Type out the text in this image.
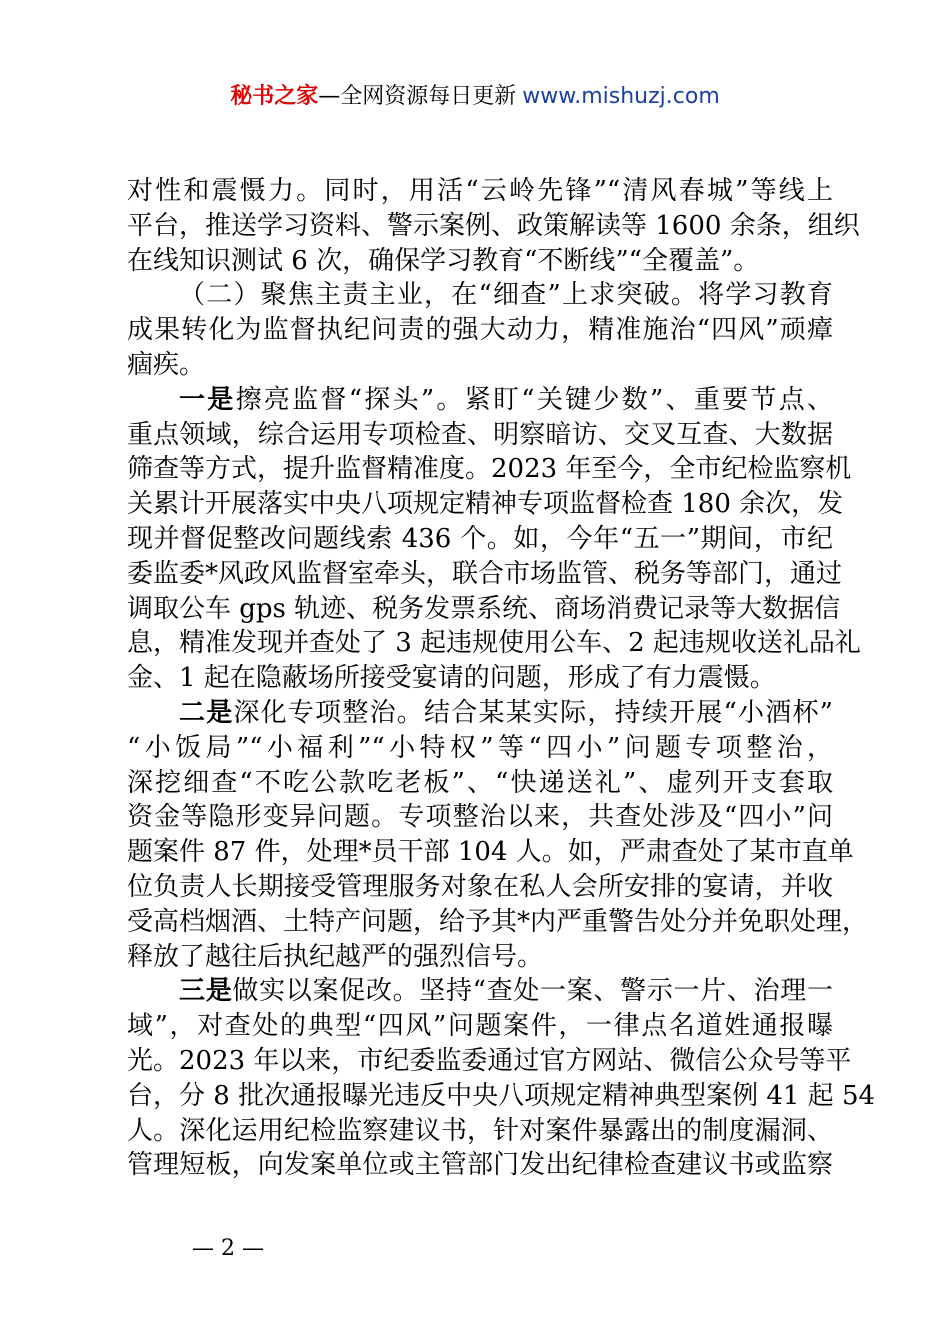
秘书之家—全网资源每日更新 www.mishuzj.com
对性和震慑力。同时，用活“云岭先锋”“清风春城”等线上
平台，推送学习资料、警示案例、政策解读等 1600 余条，组织
在线知识测试 6 次，确保学习教育“不断线”“全覆盖”。
（二）聚焦主责主业，在“细查”上求突破。将学习教育
成果转化为监督执纪问责的强大动力，精准施治“四风”顽瘴
痼疾。
一是擦亮监督“探头”。紧盯“关键少数”、重要节点、
重点领域，综合运用专项检查、明察暗访、交叉互查、大数据
筛查等方式，提升监督精准度。2023 年至今，全市纪检监察机
关累计开展落实中央八项规定精神专项监督检查 180 余次，发
现并督促整改问题线索 436 个。如，今年“五一”期间，市纪
委监委*风政风监督室牵头，联合市场监管、税务等部门，通过
调取公车 gps 轨迹、税务发票系统、商场消费记录等大数据信
息，精准发现并查处了 3 起违规使用公车、2 起违规收送礼品礼
金、1 起在隐蔽场所接受宴请的问题，形成了有力震慑。
二是深化专项整治。结合某某实际，持续开展“小酒杯”
“小饭局”“小福利”“小特权”等“四小”问题专项整治，
深挖细查“不吃公款吃老板”、“快递送礼”、虚列开支套取
资金等隐形变异问题。专项整治以来，共查处涉及“四小”问
题案件 87 件，处理*员干部 104 人。如，严肃查处了某市直单
位负责人长期接受管理服务对象在私人会所安排的宴请，并收
受高档烟酒、土特产问题，给予其*内严重警告处分并免职处理，
释放了越往后执纪越严的强烈信号。
三是做实以案促改。坚持“查处一案、警示一片、治理一
域”，对查处的典型“四风”问题案件，一律点名道姓通报曝
光。2023 年以来，市纪委监委通过官方网站、微信公众号等平
台，分 8 批次通报曝光违反中央八项规定精神典型案例 41 起 54
人。深化运用纪检监察建议书，针对案件暴露出的制度漏洞、
管理短板，向发案单位或主管部门发出纪律检查建议书或监察
— 2 —
